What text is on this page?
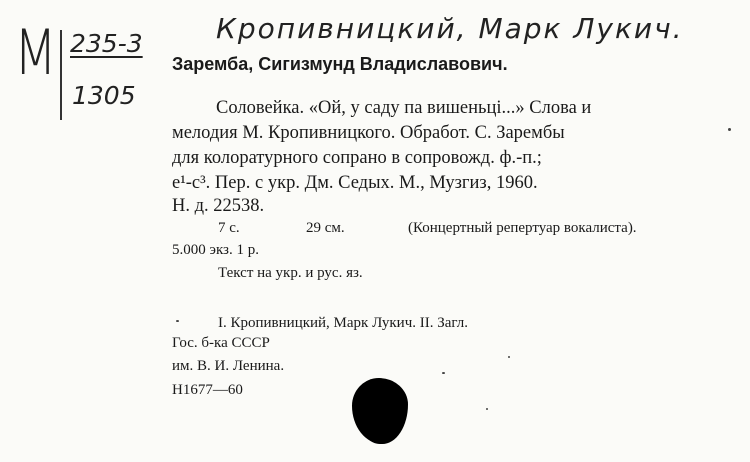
М 235-3
1305
Кропивницкий, Марк Лукич.
Заремба, Сигизмунд Владиславович.
Соловейка. «Ой, у саду па вишеньці...» Слова и
мелодия М. Кропивницкого. Обработ. С. Зарембы
для колоратурного сопрано в сопровожд. ф.-п.;
e¹-c³. Пер. с укр. Дм. Седых. М., Музгиз, 1960.
Н. д. 22538.
7 с.	29 см.	(Концертный репертуар вокалиста).
5.000 экз. 1 р.
Текст на укр. и рус. яз.
I. Кропивницкий, Марк Лукич. II. Загл.
Гос. б-ка СССР
им. В. И. Ленина.
Н1677—60
